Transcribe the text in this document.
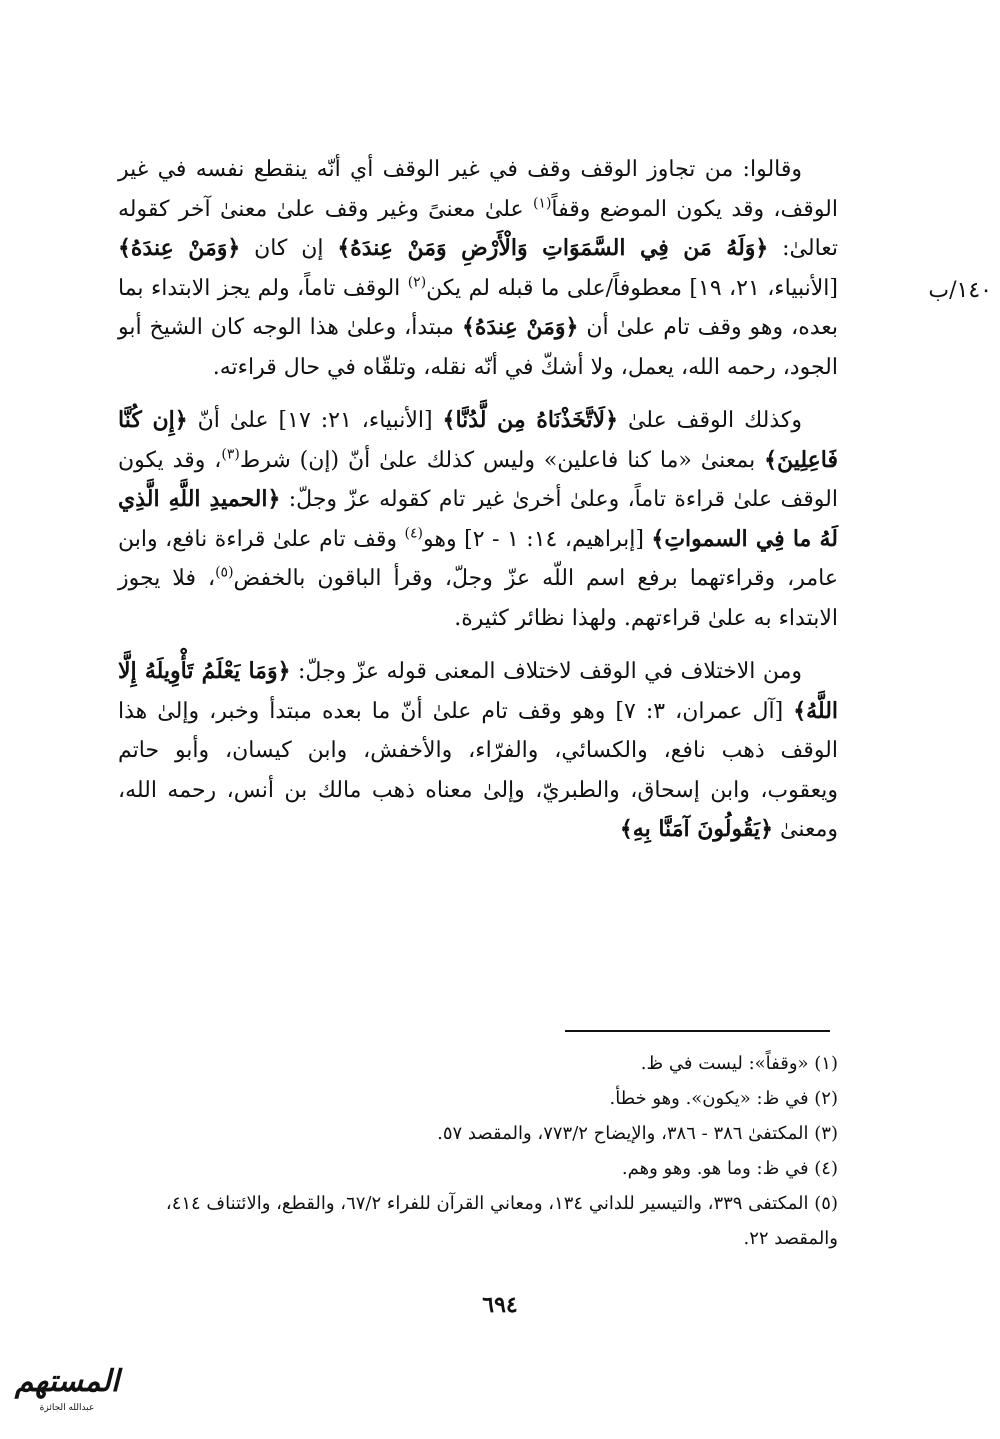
١٤٠/ب

وقالوا: من تجاوز الوقف وقف في غير الوقف أي أنّه ينقطع نفسه في غير الوقف، وقد يكون الموضع وقفاً$^{(١)}$ علىٰ معنىً وغير وقف علىٰ معنىٰ آخر كقوله تعالىٰ: ﴿وَلَهُ مَن فِي السَّمَوَاتِ وَالْأَرْضِ وَمَنْ عِندَهُ﴾ إن كان ﴿وَمَنْ عِندَهُ﴾ [الأنبياء، ٢١، ١٩] معطوفاً/على ما قبله لم يكن$^{(٢)}$ الوقف تاماً، ولم يجز الابتداء بما بعده، وهو وقف تام علىٰ أن ﴿وَمَنْ عِندَهُ﴾ مبتدأ، وعلىٰ هذا الوجه كان الشيخ أبو الجود، رحمه الله، يعمل، ولا أشكّ في أنّه نقله، وتلقّاه في حال قراءته.

وكذلك الوقف علىٰ ﴿لَاتَّخَذْنَاهُ مِن لَّدُنَّا﴾ [الأنبياء، ٢١: ١٧] علىٰ أنّ ﴿إِن كُنَّا فَاعِلِينَ﴾ بمعنىٰ «ما كنا فاعلين» وليس كذلك علىٰ أنّ (إن) شرط$^{(٣)}$، وقد يكون الوقف علىٰ قراءة تاماً، وعلىٰ أخرىٰ غير تام كقوله عزّ وجلّ: ﴿الحميدِ اللَّهِ الَّذِي لَهُ ما فِي السمواتِ﴾ [إبراهيم، ١٤: ١ - ٢] وهو$^{(٤)}$ وقف تام علىٰ قراءة نافع، وابن عامر، وقراءتهما برفع اسم اللّه عزّ وجلّ، وقرأ الباقون بالخفض$^{(٥)}$، فلا يجوز الابتداء به علىٰ قراءتهم. ولهذا نظائر كثيرة.

ومن الاختلاف في الوقف لاختلاف المعنى قوله عزّ وجلّ: ﴿وَمَا يَعْلَمُ تَأْوِيلَهُ إِلَّا اللَّهُ﴾ [آل عمران، ٣: ٧] وهو وقف تام علىٰ أنّ ما بعده مبتدأ وخبر، وإلىٰ هذا الوقف ذهب نافع، والكسائي، والفرّاء، والأخفش، وابن كيسان، وأبو حاتم ويعقوب، وابن إسحاق، والطبريّ، وإلىٰ معناه ذهب مالك بن أنس، رحمه الله، ومعنىٰ ﴿يَقُولُونَ آمَنَّا بِهِ﴾

(١) «وقفاً»: ليست في ظ.

(٢) في ظ: «يكون». وهو خطأ.

(٣) المكتفىٰ ٣٨٦ - ٣٨٦، والإيضاح ٧٧٣/٢، والمقصد ٥٧.

(٤) في ظ: وما هو. وهو وهم.

(٥) المكتفى ٣٣٩، والتيسير للداني ١٣٤، ومعاني القرآن للفراء ٦٧/٢، والقطع، والائتناف ٤١٤، والمقصد ٢٢.

٦٩٤
المستهم
عبدالله الجائزة
